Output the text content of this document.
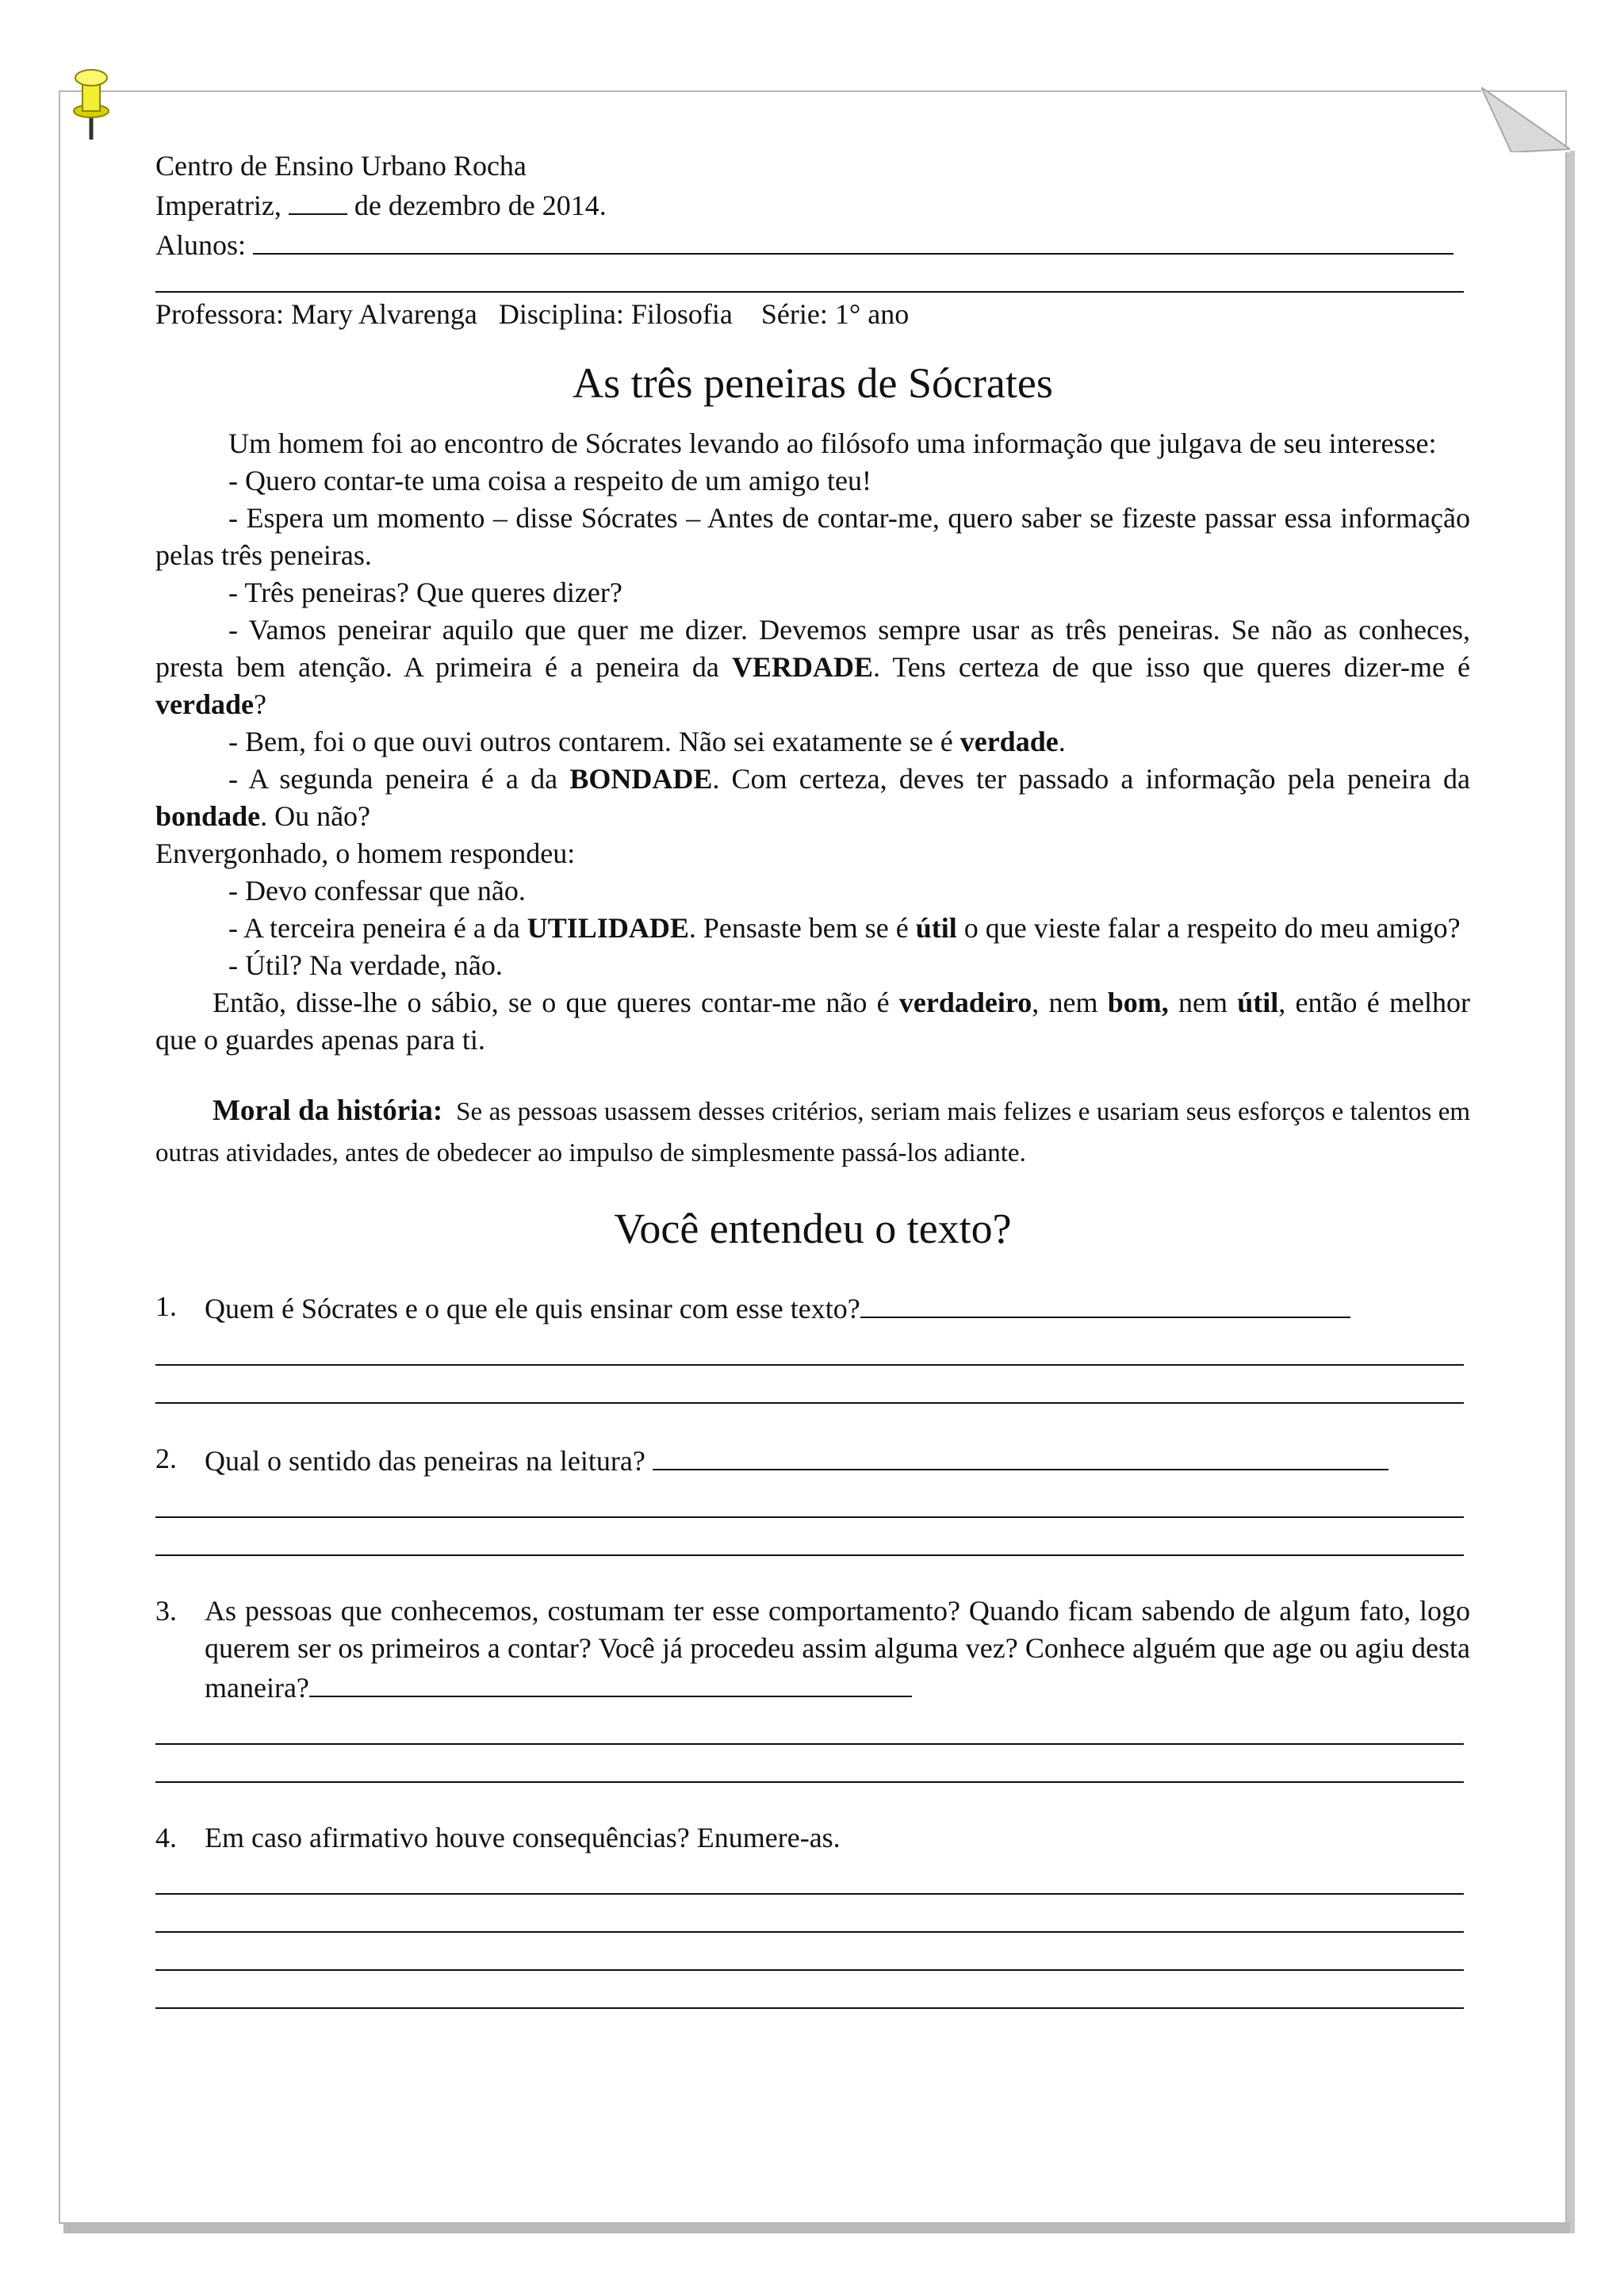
Centro de Ensino Urbano Rocha
Imperatriz,	de dezembro de 2014.
Alunos:
Professora: Mary Alvarenga Disciplina: Filosofia Série: 1° ano
As três peneiras de Sócrates

Um homem foi ao encontro de Sócrates levando ao filósofo uma informação que julgava de seu interesse:

- Quero contar-te uma coisa a respeito de um amigo teu!

- Espera um momento – disse Sócrates – Antes de contar-me, quero saber se fizeste passar essa informação pelas três peneiras.

- Três peneiras? Que queres dizer?

- Vamos peneirar aquilo que quer me dizer. Devemos sempre usar as três peneiras. Se não as conheces, presta bem atenção. A primeira é a peneira da VERDADE. Tens certeza de que isso que queres dizer-me é verdade?

- Bem, foi o que ouvi outros contarem. Não sei exatamente se é verdade.

- A segunda peneira é a da BONDADE. Com certeza, deves ter passado a informação pela peneira da bondade. Ou não?

Envergonhado, o homem respondeu:

- Devo confessar que não.

- A terceira peneira é a da UTILIDADE. Pensaste bem se é útil o que vieste falar a respeito do meu amigo?

- Útil? Na verdade, não.

Então, disse-lhe o sábio, se o que queres contar-me não é verdadeiro, nem bom, nem útil, então é melhor que o guardes apenas para ti.

Moral da história: Se as pessoas usassem desses critérios, seriam mais felizes e usariam seus esforços e talentos em outras atividades, antes de obedecer ao impulso de simplesmente passá-los adiante.

Você entendeu o texto?
1. Quem é Sócrates e o que ele quis ensinar com esse texto?
2. Qual o sentido das peneiras na leitura?
3. As pessoas que conhecemos, costumam ter esse comportamento? Quando ficam sabendo de algum fato, logo querem ser os primeiros a contar? Você já procedeu assim alguma vez? Conhece alguém que age ou agiu desta maneira?
4. Em caso afirmativo houve consequências? Enumere-as.
